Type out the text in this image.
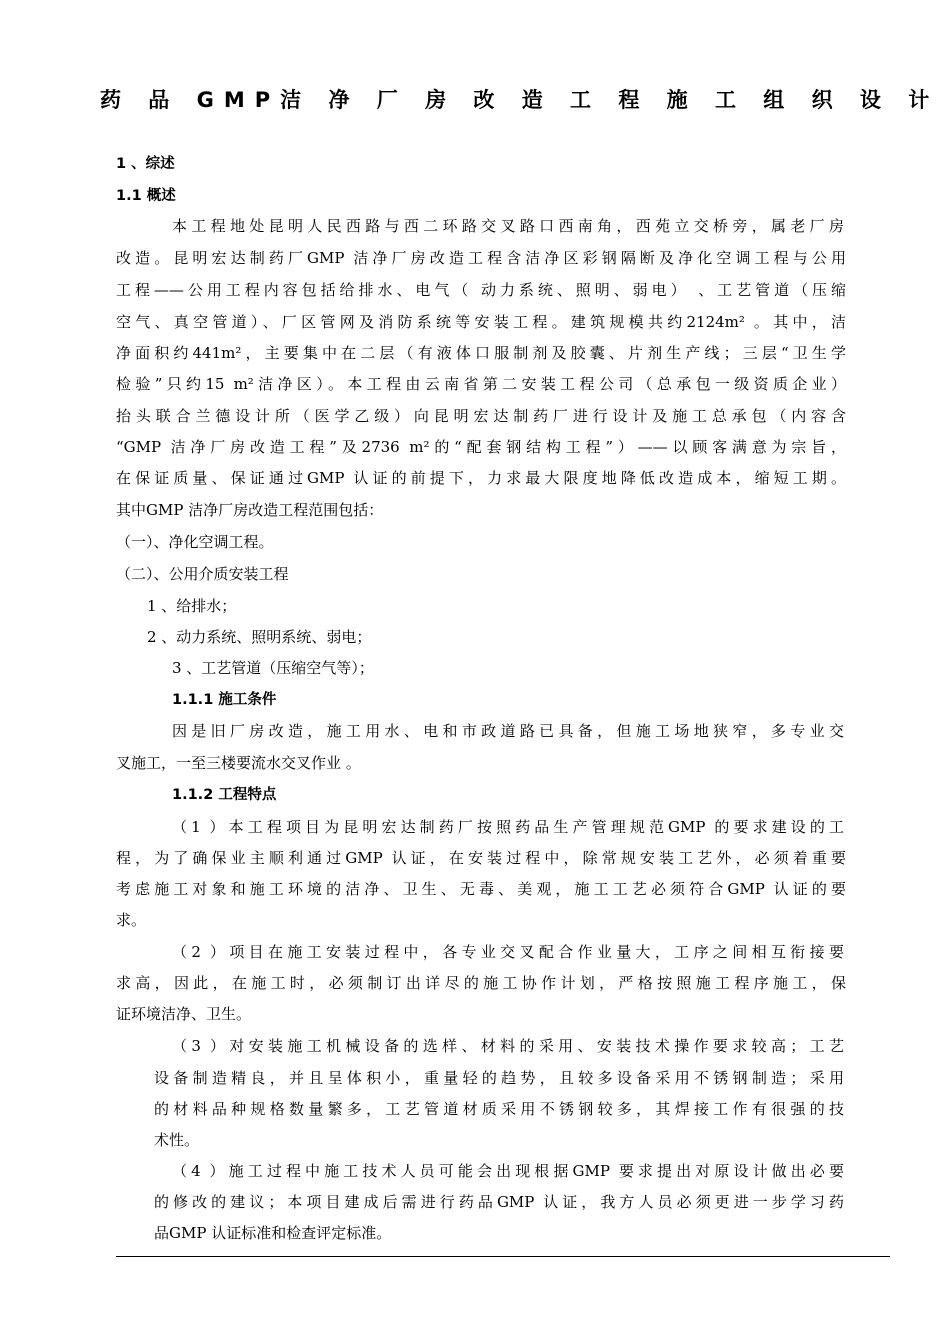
药 品 GMP洁 净 厂 房 改 造 工 程 施 工 组 织 设 计

1 、综述

1.1 概述

本工程地处昆明人民西路与西二环路交叉路口西南角，西苑立交桥旁，属老厂房

改造。昆明宏达制药厂GMP 洁净厂房改造工程含洁净区彩钢隔断及净化空调工程与公用

工程——公用工程内容包括给排水、电气（ 动力系统、照明、弱电） 、工艺管道（压缩

空气、真空管道）、厂区管网及消防系统等安装工程。建筑规模共约2124m² 。其中，洁

净面积约441m²，主要集中在二层（有液体口服制剂及胶囊、片剂生产线；三层“卫生学

检验”只约15 m²洁净区）。本工程由云南省第二安装工程公司（总承包一级资质企业）

抬头联合兰德设计所（医学乙级）向昆明宏达制药厂进行设计及施工总承包（内容含

“GMP 洁净厂房改造工程”及2736 m²的“配套钢结构工程”）——以顾客满意为宗旨，

在保证质量、保证通过GMP 认证的前提下，力求最大限度地降低改造成本，缩短工期。

其中GMP 洁净厂房改造工程范围包括：

（一）、净化空调工程。

（二）、公用介质安装工程

1 、给排水；

2 、动力系统、照明系统、弱电；

3 、工艺管道（压缩空气等）；

1.1.1 施工条件

因是旧厂房改造，施工用水、电和市政道路已具备，但施工场地狭窄，多专业交

叉施工，一至三楼要流水交叉作业 。

1.1.2 工程特点

（1 ）本工程项目为昆明宏达制药厂按照药品生产管理规范GMP 的要求建设的工

程，为了确保业主顺利通过GMP 认证，在安装过程中，除常规安装工艺外，必须着重要

考虑施工对象和施工环境的洁净、卫生、无毒、美观，施工工艺必须符合GMP 认证的要

求。

（2 ）项目在施工安装过程中，各专业交叉配合作业量大，工序之间相互衔接要

求高，因此，在施工时，必须制订出详尽的施工协作计划，严格按照施工程序施工，保

证环境洁净、卫生。

（3 ）对安装施工机械设备的选样、材料的采用、安装技术操作要求较高；工艺

设备制造精良，并且呈体积小，重量轻的趋势，且较多设备采用不锈钢制造；采用

的材料品种规格数量繁多，工艺管道材质采用不锈钢较多，其焊接工作有很强的技

术性。

（4 ）施工过程中施工技术人员可能会出现根据GMP 要求提出对原设计做出必要

的修改的建议；本项目建成后需进行药品GMP 认证，我方人员必须更进一步学习药

品GMP 认证标准和检查评定标准。
